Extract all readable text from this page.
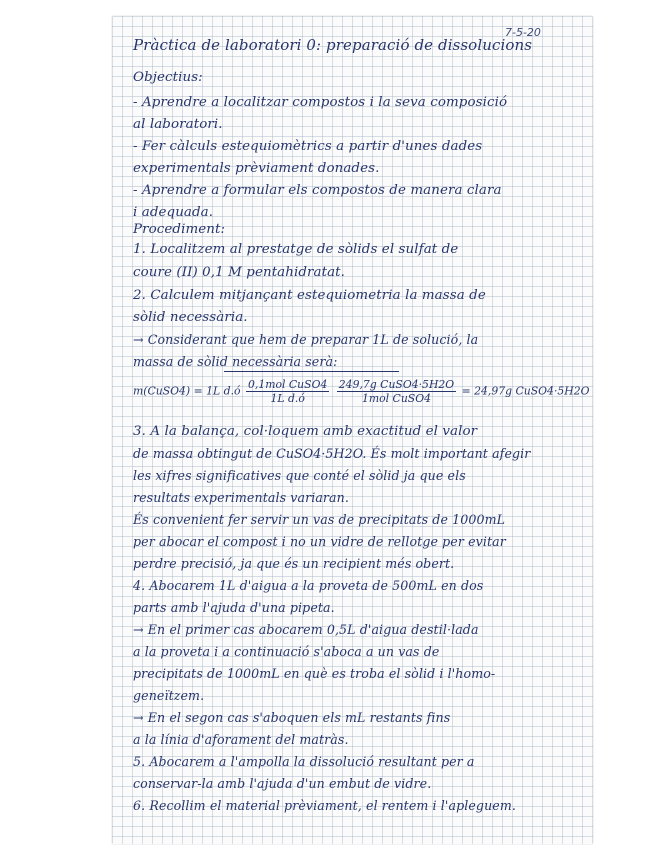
7-5-20
Pràctica de laboratori 0: preparació de dissolucions
Objectius:
- Aprendre a localitzar compostos i la seva composició
al laboratori.
- Fer càlculs estequiomètrics a partir d'unes dades
experimentals prèviament donades.
- Aprendre a formular els compostos de manera clara
i adequada.
Procediment:
1. Localitzem al prestatge de sòlids el sulfat de
coure (II) 0,1 M pentahidratat.
2. Calculem mitjançant estequiometria la massa de
sòlid necessària.
→ Considerant que hem de preparar 1L de solució, la
massa de sòlid necessària serà:
m(CuSO4) = 1L d.ó $\frac{\text{0,1mol CuSO4}}{\text{1L d.ó}}$
$\frac{\text{249,7g CuSO4·5H2O}}{\text{1mol CuSO4}} = 24,97g$ CuSO4·5H2O
3. A la balança, col·loquem amb exactitud el valor
de massa obtingut de CuSO4·5H2O. És molt important afegir
les xifres significatives que conté el sòlid ja que els
resultats experimentals variaran.
És convenient fer servir un vas de precipitats de 1000mL
per abocar el compost i no un vidre de rellotge per evitar
perdre precisió, ja que és un recipient més obert.
4. Abocarem 1L d'aigua a la proveta de 500mL en dos
parts amb l'ajuda d'una pipeta.
→ En el primer cas abocarem 0,5L d'aigua destil·lada
a la proveta i a continuació s'aboca a un vas de
precipitats de 1000mL en què es troba el sòlid i l'homo-
geneïtzem.
→ En el segon cas s'aboquen els mL restants fins
a la línia d'aforament del matràs.
5. Abocarem a l'ampolla la dissolució resultant per a
conservar-la amb l'ajuda d'un embut de vidre.
6. Recollim el material prèviament, el rentem i l'apleguem.
